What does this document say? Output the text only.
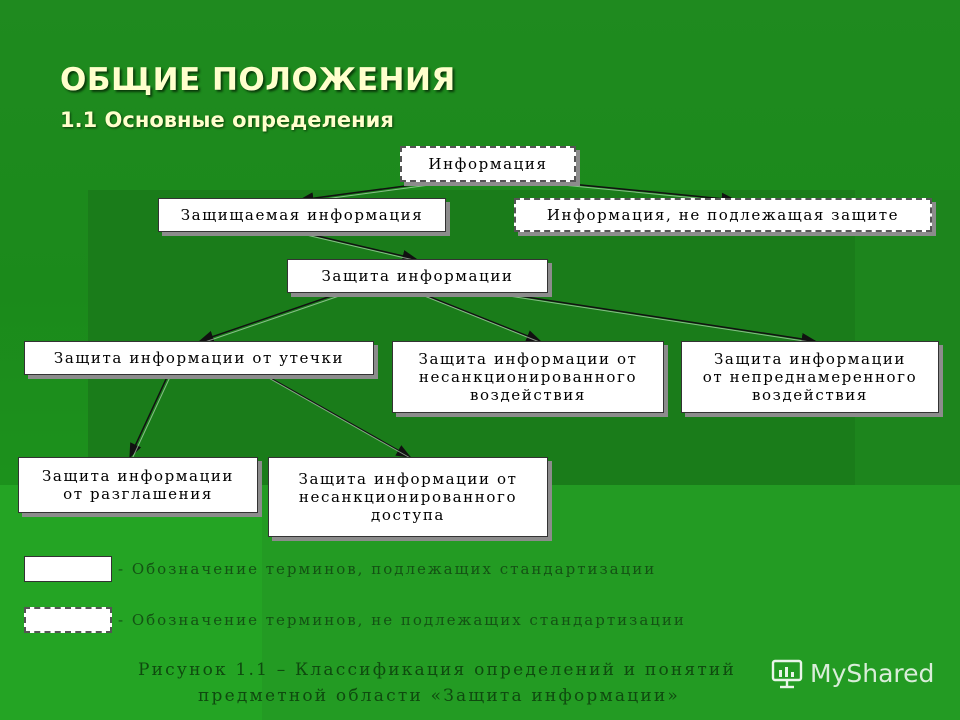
ОБЩИЕ ПОЛОЖЕНИЯ
1.1 Основные определения
Информация
Защищаемая информация	Информация, не подлежащая защите
Защита информации
Защита информации от утечки	Защита информации от
несанкционированного
воздействия
Защита информации
от непреднамеренного
воздействия
Защита информации
от разглашения
Защита информации от
несанкционированного
доступа
- Обозначение терминов, подлежащих стандартизации
- Обозначение терминов, не подлежащих стандартизации
Рисунок 1.1 – Классификация определений и понятий
предметной области «Защита информации»
MyShared
